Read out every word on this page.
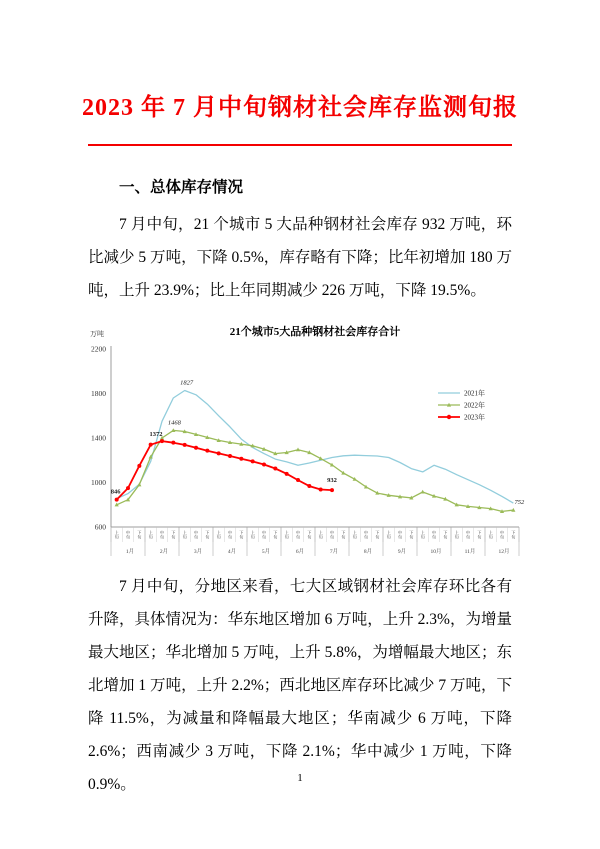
2023 年 7 月中旬钢材社会库存监测旬报
一、总体库存情况

7 月中旬，21 个城市 5 大品种钢材社会库存 932 万吨，环比减少 5 万吨，下降 0.5%，库存略有下降；比年初增加 180 万吨，上升 23.9%；比上年同期减少 226 万吨，下降 19.5%。

21个城市5大品种钢材社会库存合计
万吨
600
1000
1400
1800
2200
上旬
中旬
下旬
上旬
中旬
下旬
上旬
中旬
下旬
上旬
中旬
下旬
上旬
中旬
下旬
上旬
中旬
下旬
上旬
中旬
下旬
上旬
中旬
下旬
上旬
中旬
下旬
上旬
中旬
下旬
上旬
中旬
下旬
上旬
中旬
下旬
1月	2月	3月	4月	5月	6月	7月	8月	9月	10月	11月	12月
846
1372
1468
1827
932
752
2021年
2022年
2023年

7 月中旬，分地区来看，七大区域钢材社会库存环比各有升降，具体情况为：华东地区增加 6 万吨，上升 2.3%，为增量最大地区；华北增加 5 万吨，上升 5.8%，为增幅最大地区；东北增加 1 万吨，上升 2.2%；西北地区库存环比减少 7 万吨，下降 11.5%，为减量和降幅最大地区；华南减少 6 万吨，下降 2.6%；西南减少 3 万吨，下降 2.1%；华中减少 1 万吨，下降 0.9%。	1
